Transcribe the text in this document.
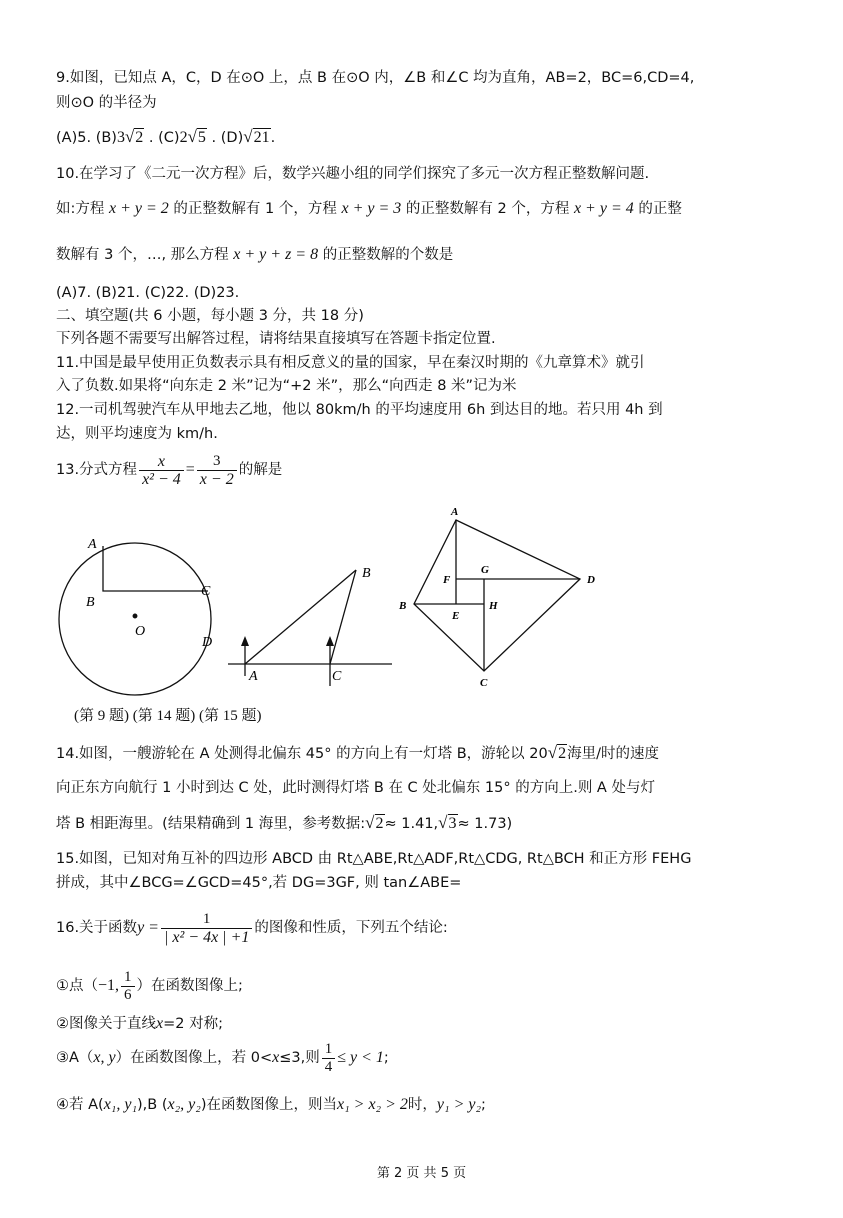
9.如图，已知点 A，C，D 在⊙O 上，点 B 在⊙O 内，∠B 和∠C 均为直角，AB=2，BC=6,CD=4,
则⊙O 的半径为
(A)5. (B)3√2 . (C)2√5 . (D)√21.
10.在学习了《二元一次方程》后，数学兴趣小组的同学们探究了多元一次方程正整数解问题.
如:方程 x + y = 2 的正整数解有 1 个，方程 x + y = 3 的正整数解有 2 个，方程 x + y = 4 的正整
数解有 3 个，…, 那么方程 x + y + z = 8 的正整数解的个数是
(A)7. (B)21. (C)22. (D)23.
二、填空题(共 6 小题，每小题 3 分，共 18 分)
下列各题不需要写出解答过程，请将结果直接填写在答题卡指定位置.
11.中国是最早使用正负数表示具有相反意义的量的国家，早在秦汉时期的《九章算术》就引
入了负数.如果将“向东走 2 米”记为“+2 米”，那么“向西走 8 米”记为米
12.一司机驾驶汽车从甲地去乙地，他以 80km/h 的平均速度用 6h 到达目的地。若只用 4h 到
达，则平均速度为 km/h.
13.分式方程 $\frac{x}{\text{x² − 4}} = \frac{3}{x - 2}$ 的解是
A
B
C
D
O
A
B
C
A
B
C
D
E
F
G
H
(第 9 题) (第 14 题) (第 15 题)
14.如图，一艘游轮在 A 处测得北偏东 45° 的方向上有一灯塔 B，游轮以 20√2海里/时的速度
向正东方向航行 1 小时到达 C 处，此时测得灯塔 B 在 C 处北偏东 15° 的方向上.则 A 处与灯
塔 B 相距海里。(结果精确到 1 海里，参考数据:√2≈ 1.41,√3≈ 1.73)
15.如图，已知对角互补的四边形 ABCD 由 Rt△ABE,Rt△ADF,Rt△CDG, Rt△BCH 和正方形 FEHG
拼成，其中∠BCG=∠GCD=45°,若 DG=3GF, 则 tan∠ABE=
16.关于函数$y = \frac{1}{\text{| x² − 4x | +1}}$ 的图像和性质，下列五个结论:
①点（−1, $\frac{1}{6}$ ）在函数图像上;
②图像关于直线x=2 对称;
③A（x, y）在函数图像上，若 0<x≤3,则 $\frac{1}{4} \le y < 1$;
④若 A(x₁, y₁),B (x₂, y₂)在函数图像上，则当x₁ > x₂ > 2时，y₁ > y₂;
第 2 页 共 5 页
